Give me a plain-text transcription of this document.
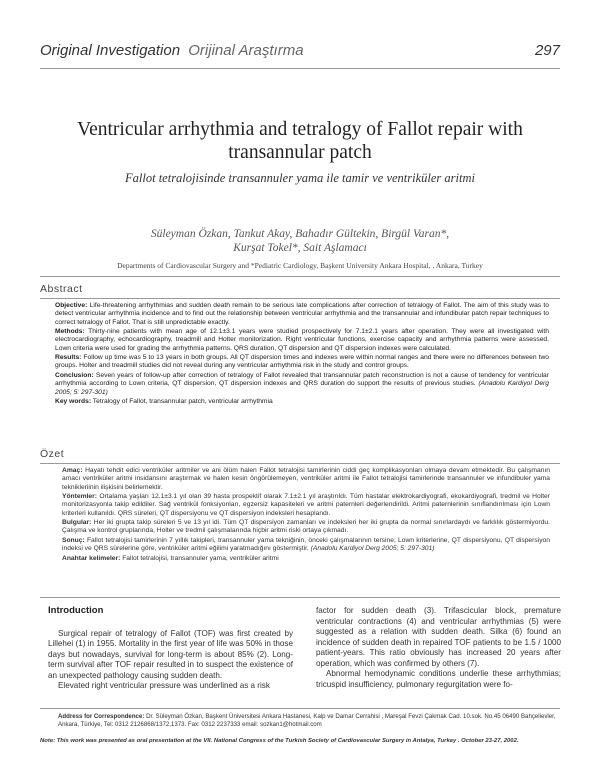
Original Investigation Orijinal Araştırma	297
Ventricular arrhythmia and tetralogy of Fallot repair with transannular patch
Fallot tetralojisinde transannuler yama ile tamir ve ventriküler aritmi
Süleyman Özkan, Tankut Akay, Bahadır Gültekin, Birgül Varan*,
Kurşat Tokel*, Sait Aşlamacı
Departments of Cardiovascular Surgery and *Pediatric Cardiology, Başkent University Ankara Hospital, , Ankara, Turkey
Abstract

Objective: Life-threatening arrhythmias and sudden death remain to be serious late complications after correction of tetralogy of Fallot. The aim of this study was to detect ventricular arrhythmia incidence and to find out the relationship between ventricular arrhythmia and the transannular and infundibular patch repair techniques to correct tetralogy of Fallot. That is still unpredictable exactly.

Methods: Thirty-nine patients with mean age of 12.1±3.1 years were studied prospectively for 7.1±2.1 years after operation. They were all investigated with electrocardiography, echocardiography, treadmill and Holter monitorization. Right ventricular functions, exercise capacity and arrhythmia patterns were assessed. Lown criteria were used for grading the arrhythmia patterns. QRS duration, QT dispersion and QT dispersion indexes were calculated.

Results: Follow up time was 5 to 13 years in both groups. All QT dispersion times and indexes were within normal ranges and there were no differences between two groups. Holter and treadmill studies did not reveal during any ventricular arrhythmia risk in the study and control groups.

Conclusion: Seven years of follow-up after correction of tetralogy of Fallot revealed that transannular patch reconstruction is not a cause of tendency for ventricular arrhythmia according to Lown criteria, QT dispersion, QT dispersion indexes and QRS duration do support the results of previous studies. (Anadolu Kardiyol Derg 2005; 5: 297-301)

Key words: Tetralogy of Fallot, transannular patch, ventricular arrhythmia

Özet

Amaç: Hayatı tehdit edici ventriküler aritmiler ve ani ölüm halen Fallot tetralojisi tamirlerinin ciddi geç komplikasyonları olmaya devam etmektedir. Bu çalışmanın amacı ventriküler aritmi insidansını araştırmak ve halen kesin öngörülemeyen, ventriküler aritmi ile Fallot tetralojisi tamirlerinde transannuler ve infundibuler yama teknikleriinin ilişkisini belirlemektir.

Yöntemler: Ortalama yaşları 12.1±3.1 yıl olan 39 hasta prospektif olarak 7.1±2.1 yıl araştırıldı. Tüm hastalar elektrokardiyografi, ekokardiyografi, tredmil ve Holter monitorizasyonla takip edildiler. Sağ ventrikül fonksiyonları, egzersiz kapasiteleri ve aritmi paternleri değerlendirildi. Aritmi paternlerinin sınıflandırılması için Lown kriterleri kullanıldı. QRS süreleri, QT dispersiyonu ve QT dispersiyon indeksleri hesaplandı.

Bulgular: Her iki grupta takip süreleri 5 ve 13 yıl idi. Tüm QT dispersiyon zamanları ve indeksleri her iki grupta da normal sınırlardaydı ve farklılık göstermiyordu. Çalışma ve kontrol gruplarında, Holter ve tredmil çalışmalarında hiçbir aritmi riski ortaya çıkmadı.

Sonuç: Fallot tetralojisi tamirlerinin 7 yıllık takipleri, transannuler yama tekniğinin, önceki çalışmalarının tersine; Lown kriterlerine, QT dispersiyonu, QT dispersiyon indeksi ve QRS sürelerine göre, ventriküler aritmi eğilimi yaratmadığını göstermiştir. (Anadolu Kardiyol Derg 2005; 5: 297-301)

Anahtar kelimeler: Fallot tetralojisi, transannuler yama, ventriküler aritmi

Introduction

Surgical repair of tetralogy of Fallot (TOF) was first created by Lillehei (1) in 1955. Mortality in the first year of life was 50% in those days but nowadays, survival for long-term is about 85% (2). Long-term survival after TOF repair resulted in to suspect the existence of an unexpected pathology causing sudden death.

Elevated right ventricular pressure was underlined as a risk

factor for sudden death (3). Trifascicular block, premature ventricular contractions (4) and ventricular arrhythmias (5) were suggested as a relation with sudden death. Silka (6) found an incidence of sudden death in repaired TOF patients to be 1.5 / 1000 patient-years. This ratio obviously has increased 20 years after operation, which was confirmed by others (7).

Abnormal hemodynamic conditions underlie these arrhythmias; tricuspid insufficiency, pulmonary regurgitation were fo-

Address for Correspondence: Dr. Süleyman Özkan, Başkent Üniversitesi Ankara Hastanesi, Kalp ve Damar Cerrahisi , Mareşal Fevzi Çakmak Cad. 10.sok. No.45 06490 Bahçelievler, Ankara, Türkiye, Tel: 0312 2126868/1372,1373. Fax: 0312 2237333 email: sozkan1@hotmail.com
Note: This work was presented as oral presentation at the VII. National Congress of the Turkish Society of Cardiovascular Surgery in Antalya, Turkey . October 23-27, 2002.
